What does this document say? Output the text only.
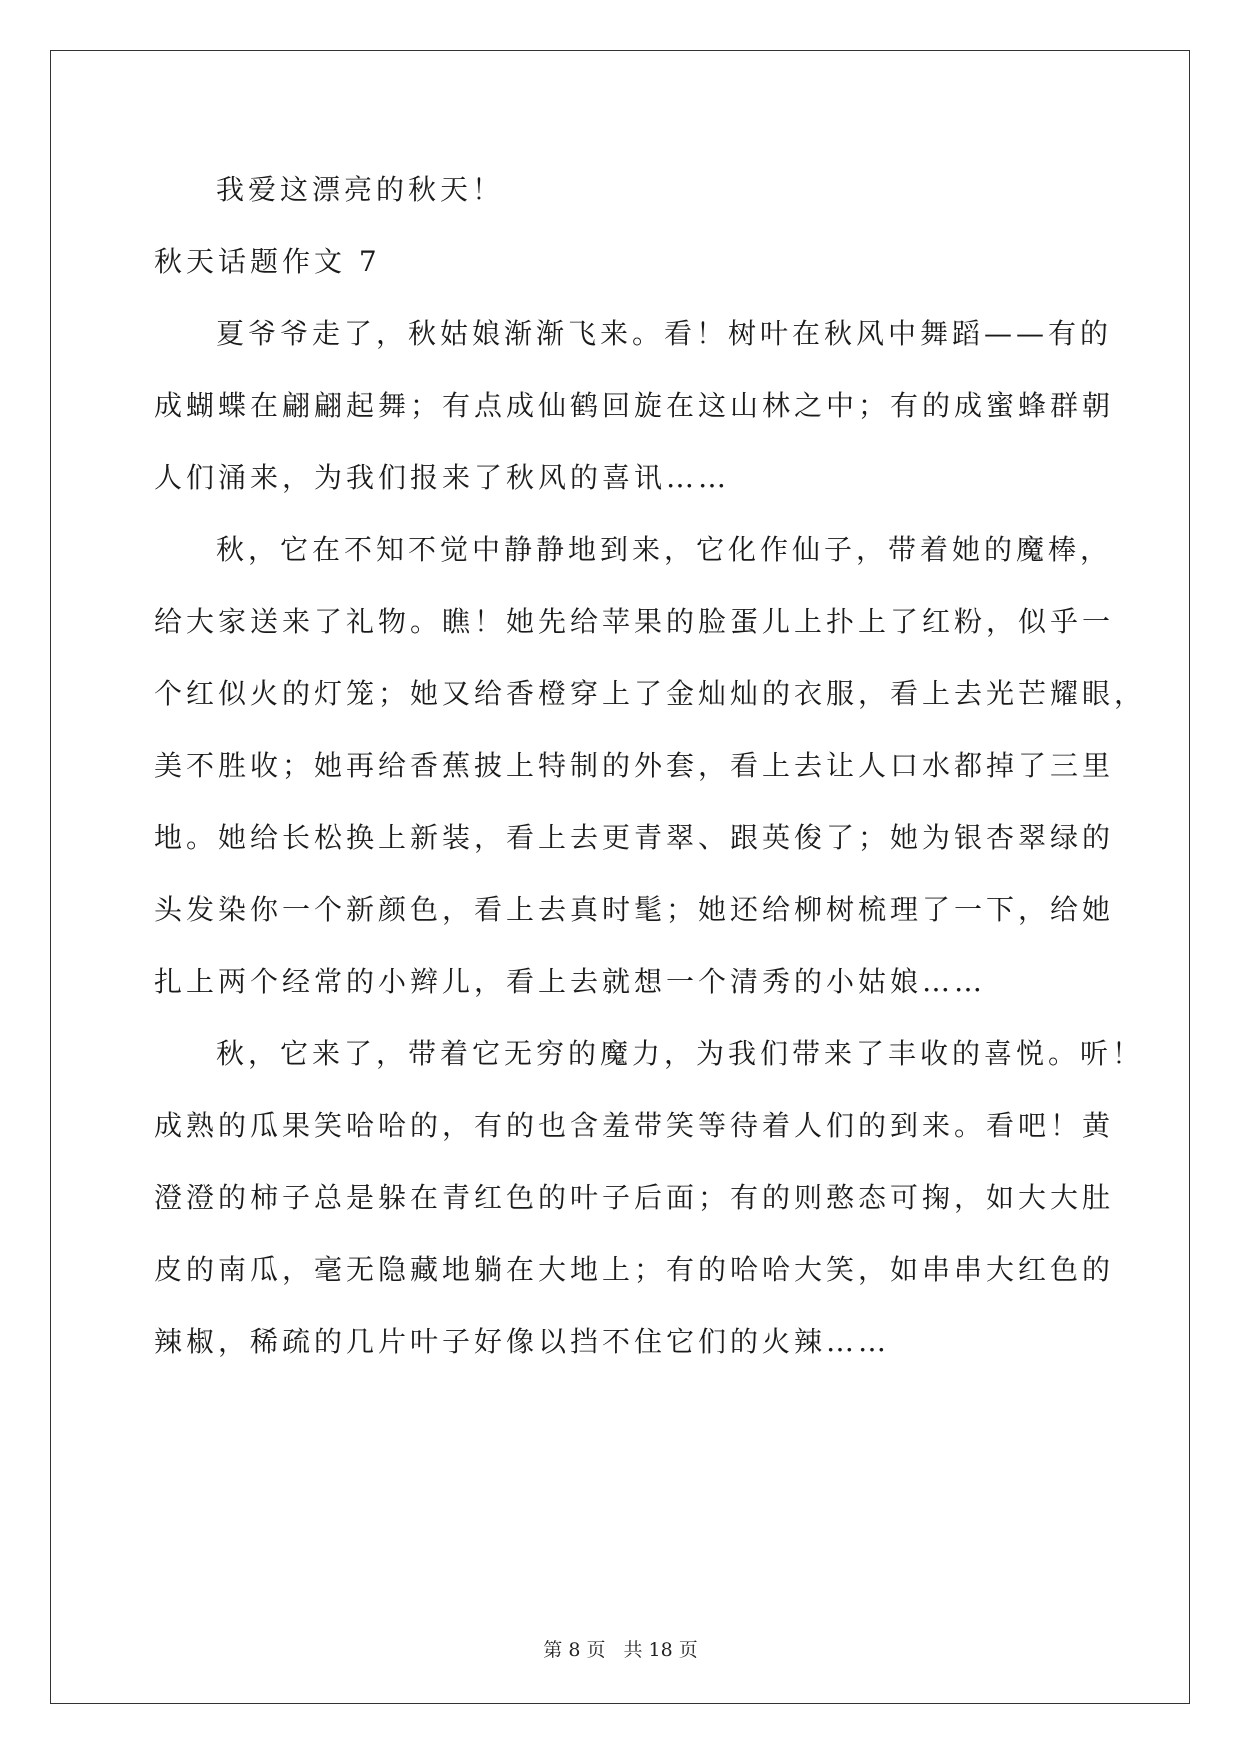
我爱这漂亮的秋天！
秋天话题作文 7
夏爷爷走了，秋姑娘渐渐飞来。看！树叶在秋风中舞蹈——有的
成蝴蝶在翩翩起舞；有点成仙鹤回旋在这山林之中；有的成蜜蜂群朝
人们涌来，为我们报来了秋风的喜讯……
秋，它在不知不觉中静静地到来，它化作仙子，带着她的魔棒，
给大家送来了礼物。瞧！她先给苹果的脸蛋儿上扑上了红粉，似乎一
个红似火的灯笼；她又给香橙穿上了金灿灿的衣服，看上去光芒耀眼，
美不胜收；她再给香蕉披上特制的外套，看上去让人口水都掉了三里
地。她给长松换上新装，看上去更青翠、跟英俊了；她为银杏翠绿的
头发染你一个新颜色，看上去真时髦；她还给柳树梳理了一下，给她
扎上两个经常的小辫儿，看上去就想一个清秀的小姑娘……
秋，它来了，带着它无穷的魔力，为我们带来了丰收的喜悦。听！
成熟的瓜果笑哈哈的，有的也含羞带笑等待着人们的到来。看吧！黄
澄澄的柿子总是躲在青红色的叶子后面；有的则憨态可掬，如大大肚
皮的南瓜，毫无隐藏地躺在大地上；有的哈哈大笑，如串串大红色的
辣椒，稀疏的几片叶子好像以挡不住它们的火辣……
第 8 页 共 18 页
